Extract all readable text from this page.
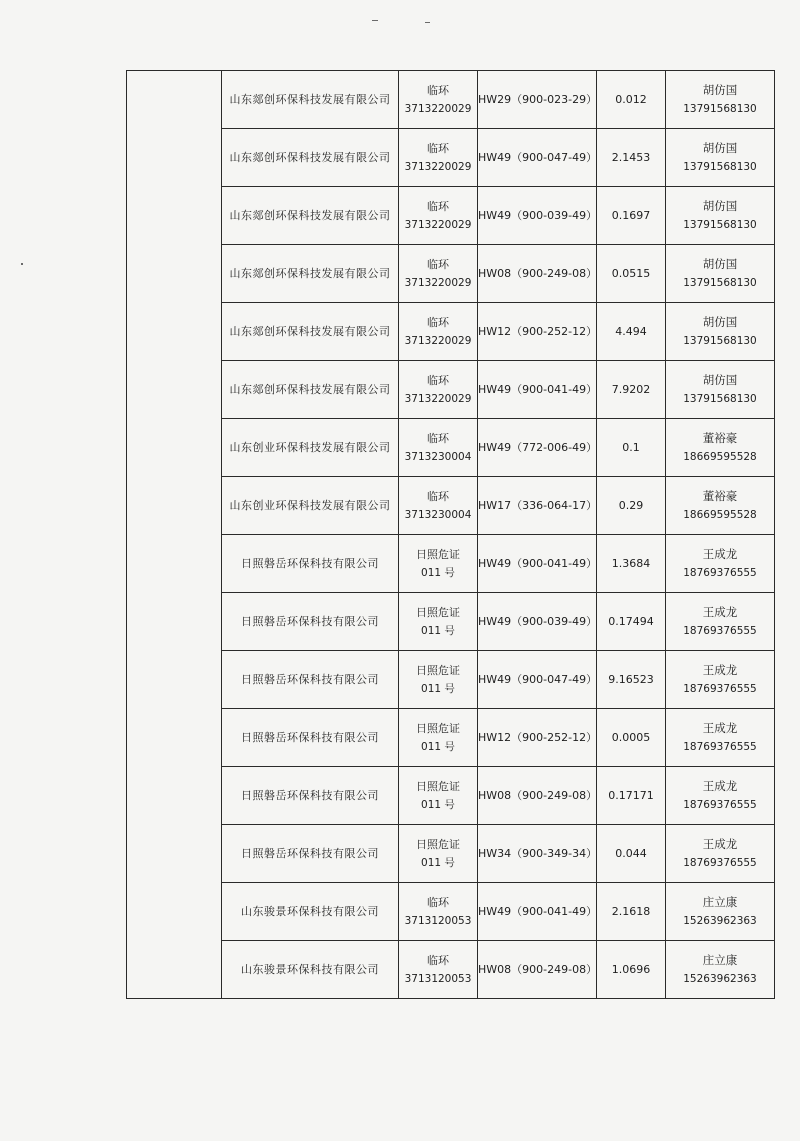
	山东郯创环保科技发展有限公司	临环
3713220029	HW29（900-023-29）	0.012	胡仿国
13791568130

	山东郯创环保科技发展有限公司	临环
3713220029	HW49（900-047-49）	2.1453	胡仿国
13791568130

	山东郯创环保科技发展有限公司	临环
3713220029	HW49（900-039-49）	0.1697	胡仿国
13791568130

	山东郯创环保科技发展有限公司	临环
3713220029	HW08（900-249-08）	0.0515	胡仿国
13791568130

	山东郯创环保科技发展有限公司	临环
3713220029	HW12（900-252-12）	4.494	胡仿国
13791568130

	山东郯创环保科技发展有限公司	临环
3713220029	HW49（900-041-49）	7.9202	胡仿国
13791568130

	山东创业环保科技发展有限公司	临环
3713230004	HW49（772-006-49）	0.1	董裕豪
18669595528

	山东创业环保科技发展有限公司	临环
3713230004	HW17（336-064-17）	0.29	董裕豪
18669595528

	日照磐岳环保科技有限公司	日照危证
011 号	HW49（900-041-49）	1.3684	王成龙
18769376555

	日照磐岳环保科技有限公司	日照危证
011 号	HW49（900-039-49）	0.17494	王成龙
18769376555

	日照磐岳环保科技有限公司	日照危证
011 号	HW49（900-047-49）	9.16523	王成龙
18769376555

	日照磐岳环保科技有限公司	日照危证
011 号	HW12（900-252-12）	0.0005	王成龙
18769376555

	日照磐岳环保科技有限公司	日照危证
011 号	HW08（900-249-08）	0.17171	王成龙
18769376555

	日照磐岳环保科技有限公司	日照危证
011 号	HW34（900-349-34）	0.044	王成龙
18769376555

	山东骏景环保科技有限公司	临环
3713120053	HW49（900-041-49）	2.1618	庄立康
15263962363

	山东骏景环保科技有限公司	临环
3713120053	HW08（900-249-08）	1.0696	庄立康
15263962363
